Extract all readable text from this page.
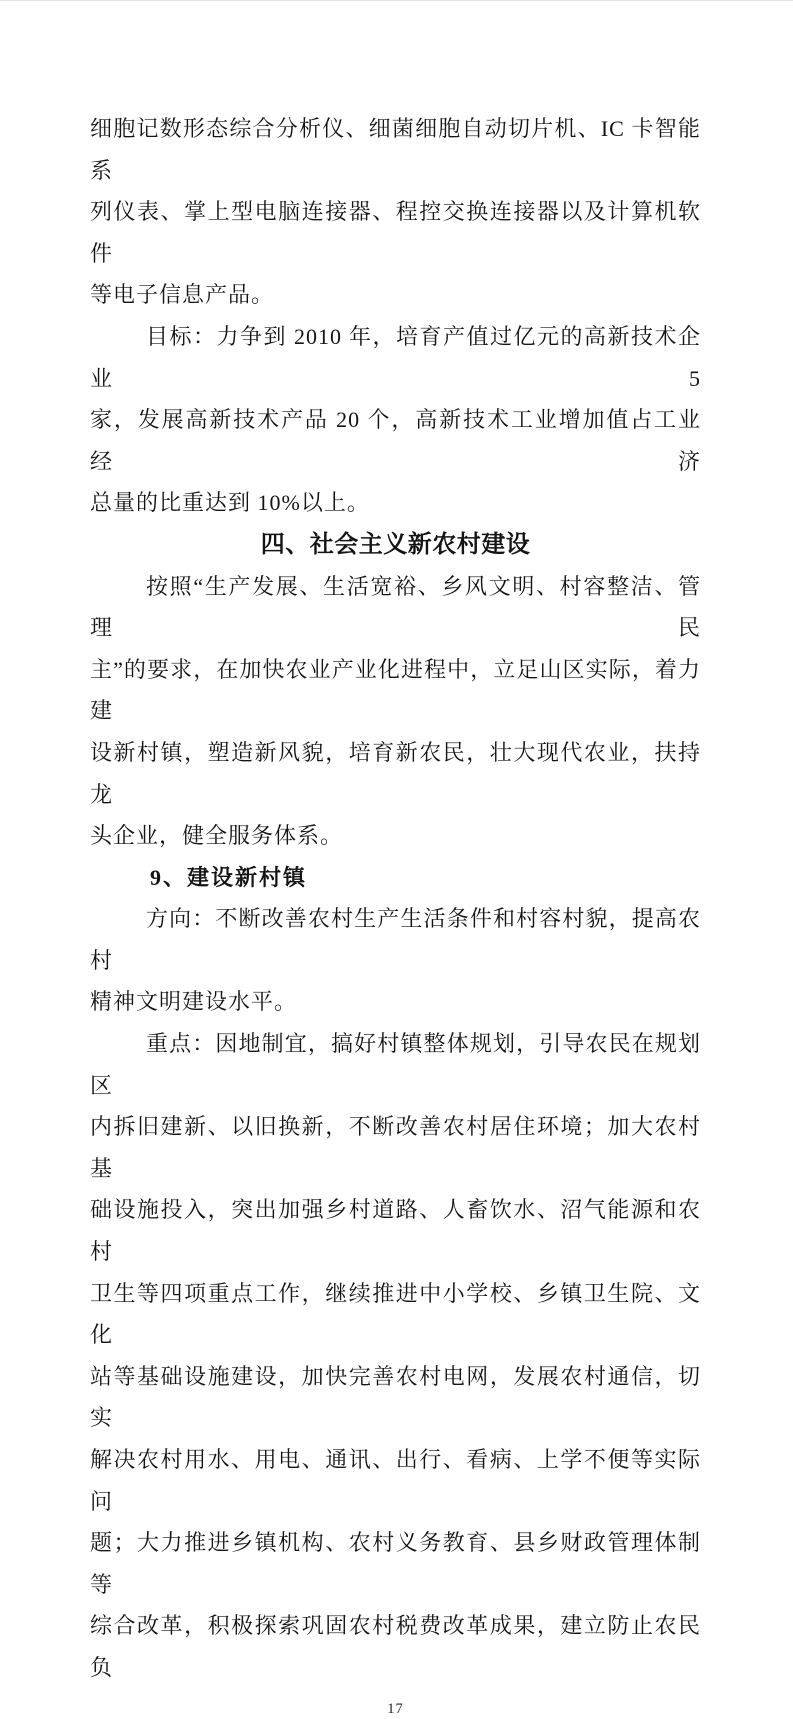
细胞记数形态综合分析仪、细菌细胞自动切片机、IC 卡智能系

列仪表、掌上型电脑连接器、程控交换连接器以及计算机软件

等电子信息产品。

目标：力争到 2010 年，培育产值过亿元的高新技术企业 5

家，发展高新技术产品 20 个，高新技术工业增加值占工业经济

总量的比重达到 10%以上。

四、社会主义新农村建设

按照“生产发展、生活宽裕、乡风文明、村容整洁、管理民

主”的要求，在加快农业产业化进程中，立足山区实际，着力建

设新村镇，塑造新风貌，培育新农民，壮大现代农业，扶持龙

头企业，健全服务体系。

9、建设新村镇

方向：不断改善农村生产生活条件和村容村貌，提高农村

精神文明建设水平。

重点：因地制宜，搞好村镇整体规划，引导农民在规划区

内拆旧建新、以旧换新，不断改善农村居住环境；加大农村基

础设施投入，突出加强乡村道路、人畜饮水、沼气能源和农村

卫生等四项重点工作，继续推进中小学校、乡镇卫生院、文化

站等基础设施建设，加快完善农村电网，发展农村通信，切实

解决农村用水、用电、通讯、出行、看病、上学不便等实际问

题；大力推进乡镇机构、农村义务教育、县乡财政管理体制等

综合改革，积极探索巩固农村税费改革成果，建立防止农民负

17
